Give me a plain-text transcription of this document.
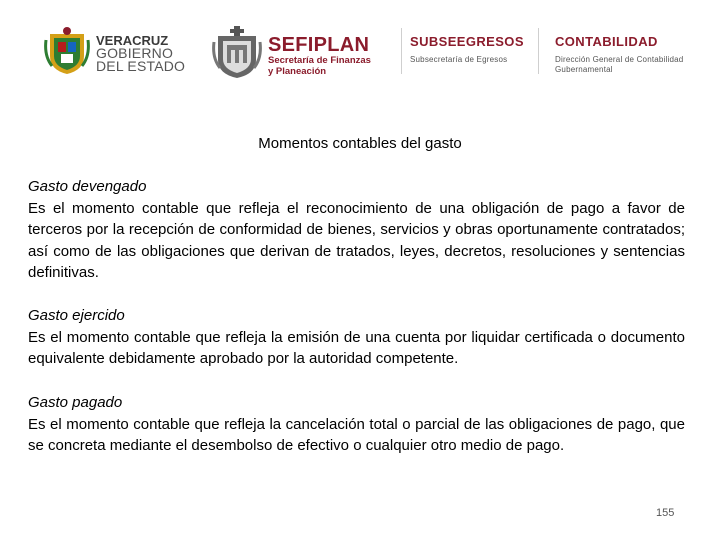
VERACRUZ
GOBIERNO
DEL ESTADO
SEFIPLAN
Secretaría de Finanzas
y Planeación
SUBSEEGRESOS
Subsecretaría de Egresos
CONTABILIDAD
Dirección General de Contabilidad
Gubernamental
Momentos contables del gasto
Gasto devengado
Es el momento contable que refleja el reconocimiento de una obligación de pago a favor de terceros por la recepción de conformidad de bienes, servicios y obras oportunamente contratados; así como de las obligaciones que derivan de tratados, leyes, decretos, resoluciones y sentencias definitivas.
Gasto ejercido
Es el momento contable que refleja la emisión de una cuenta por liquidar certificada o documento equivalente debidamente aprobado por la autoridad competente.
Gasto pagado
Es el momento contable que refleja la cancelación total o parcial de las obligaciones de pago, que se concreta mediante el desembolso de efectivo o cualquier otro medio de pago.
155
